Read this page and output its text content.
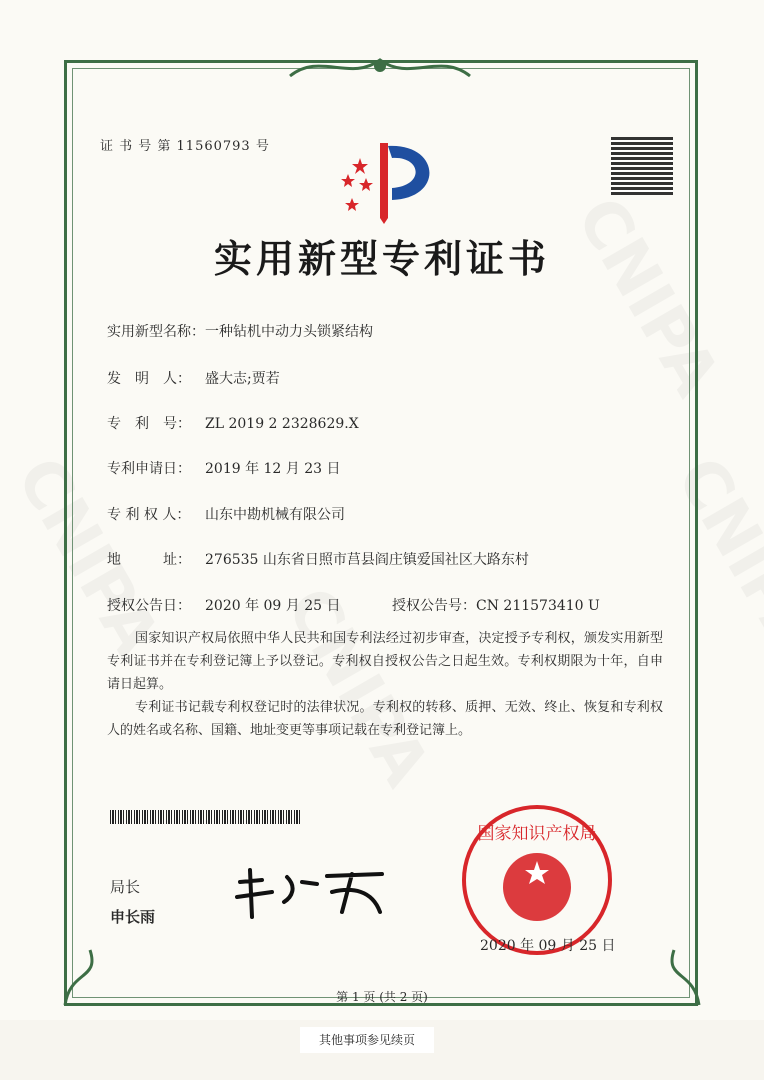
证 书 号 第 11560793 号
实用新型专利证书
实用新型名称：一种钻机中动力头锁紧结构
发　明　人： 盛大志;贾若
专　利　号： ZL 2019 2 2328629.X
专利申请日： 2019 年 12 月 23 日
专 利 权 人： 山东中勘机械有限公司
地　　　址： 276535 山东省日照市莒县阎庄镇爱国社区大路东村
授权公告日： 2020 年 09 月 25 日	授权公告号：CN 211573410 U

国家知识产权局依照中华人民共和国专利法经过初步审查，决定授予专利权，颁发实用新型专利证书并在专利登记簿上予以登记。专利权自授权公告之日起生效。专利权期限为十年，自申请日起算。

专利证书记载专利权登记时的法律状况。专利权的转移、质押、无效、终止、恢复和专利权人的姓名或名称、国籍、地址变更等事项记载在专利登记簿上。

局长
申长雨
国家知识产权局
2020 年 09 月 25 日
第 1 页 (共 2 页)
其他事项参见续页
